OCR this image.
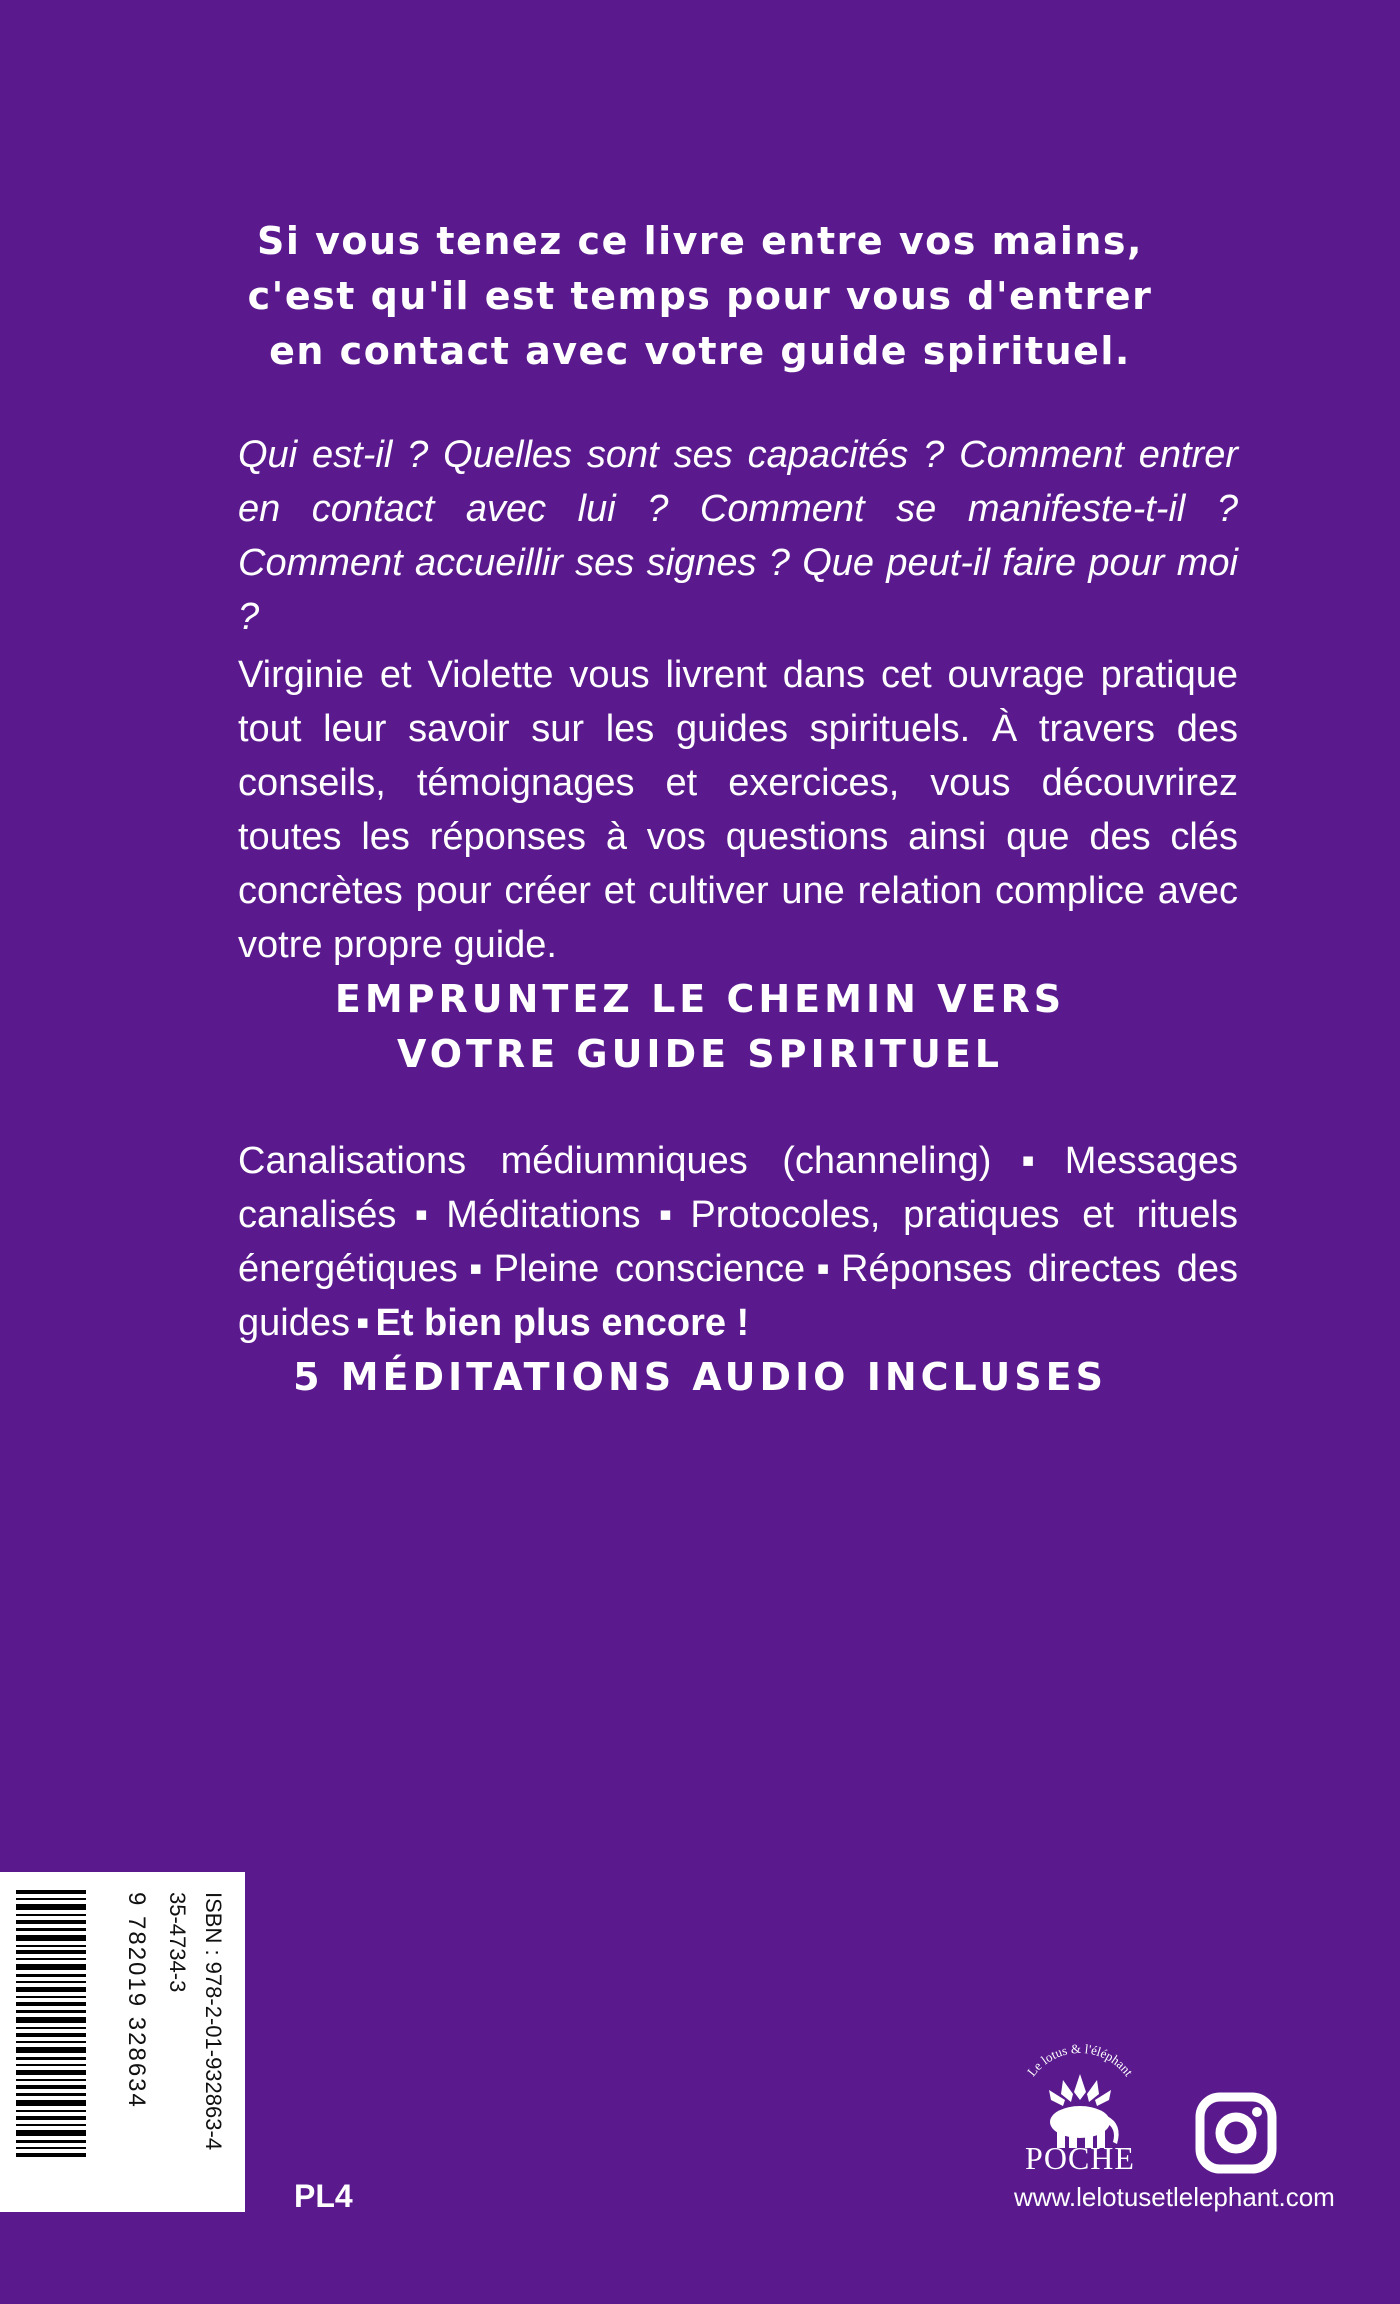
Si vous tenez ce livre entre vos mains,
c'est qu'il est temps pour vous d'entrer
en contact avec votre guide spirituel.
Qui est-il ? Quelles sont ses capacités ? Comment entrer en contact avec lui ? Comment se manifeste-t-il ? Comment accueillir ses signes ? Que peut-il faire pour moi ?
Virginie et Violette vous livrent dans cet ouvrage pratique tout leur savoir sur les guides spirituels. À travers des conseils, témoignages et exercices, vous découvrirez toutes les réponses à vos questions ainsi que des clés concrètes pour créer et cultiver une relation complice avec votre propre guide.
EMPRUNTEZ LE CHEMIN VERS
VOTRE GUIDE SPIRITUEL
Canalisations médiumniques (channeling) ▪ Messages canalisés ▪ Méditations ▪ Protocoles, pratiques et rituels énergétiques ▪ Pleine conscience ▪ Réponses directes des guides ▪ Et bien plus encore !
5 MÉDITATIONS AUDIO INCLUSES
9 782019 328634 35-4734-3 ISBN : 978-2-01-932863-4
PL4
Le lotus & l'éléphant
POCHE
www.lelotusetlelephant.com
